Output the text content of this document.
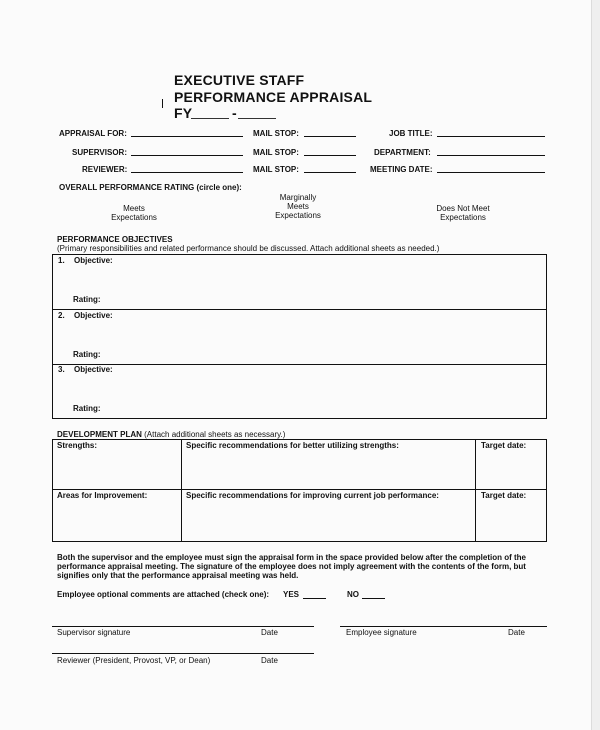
EXECUTIVE STAFF
PERFORMANCE APPRAISAL
FY	-
APPRAISAL FOR:	MAIL STOP:	JOB TITLE:
SUPERVISOR:	MAIL STOP:	DEPARTMENT:
REVIEWER:	MAIL STOP:	MEETING DATE:
OVERALL PERFORMANCE RATING (circle one):
Meets
Expectations
Marginally
Meets
Expectations
Does Not Meet
Expectations
PERFORMANCE OBJECTIVES
(Primary responsibilities and related performance should be discussed. Attach additional sheets as needed.)
1. Objective:
Rating:
2. Objective:
Rating:
3. Objective:
Rating:
DEVELOPMENT PLAN (Attach additional sheets as necessary.)
Strengths:	Specific recommendations for better utilizing strengths:	Target date:
Areas for Improvement:	Specific recommendations for improving current job performance:	Target date:
Both the supervisor and the employee must sign the appraisal form in the space provided below after the completion of the
performance appraisal meeting. The signature of the employee does not imply agreement with the contents of the form, but
signifies only that the performance appraisal meeting was held.
Employee optional comments are attached (check one): YES	NO
Supervisor signature	Date	Employee signature	Date
Reviewer (President, Provost, VP, or Dean)	Date
